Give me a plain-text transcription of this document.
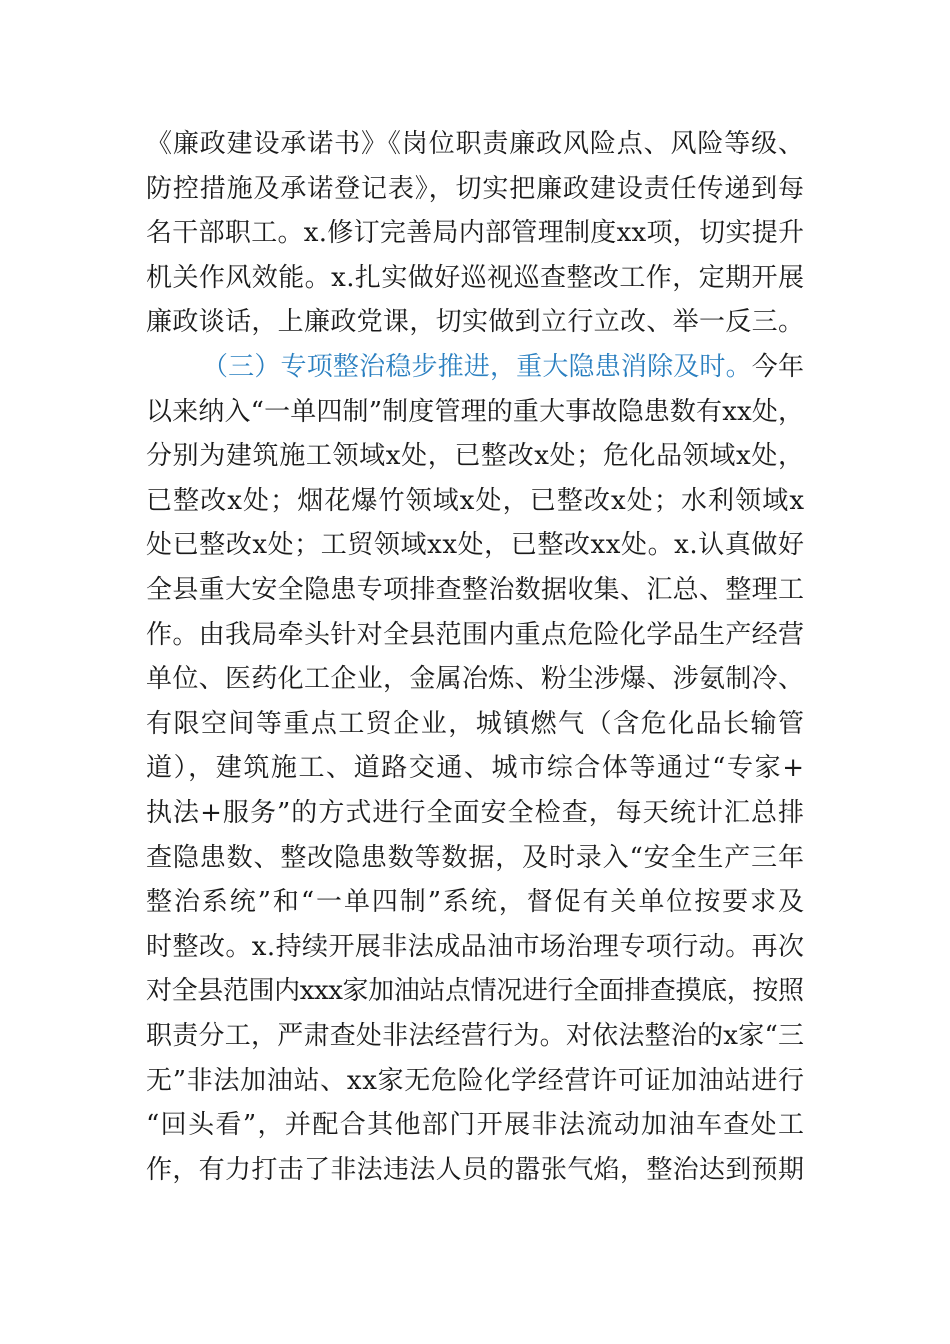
《廉政建设承诺书》《岗位职责廉政风险点、风险等级、
防控措施及承诺登记表》，切实把廉政建设责任传递到每
名干部职工。x.修订完善局内部管理制度xx项，切实提升
机关作风效能。x.扎实做好巡视巡查整改工作，定期开展
廉政谈话，上廉政党课，切实做到立行立改、举一反三。
（三）专项整治稳步推进，重大隐患消除及时。今年
以来纳入“一单四制”制度管理的重大事故隐患数有xx处，
分别为建筑施工领域x处，已整改x处；危化品领域x处，
已整改x处；烟花爆竹领域x处，已整改x处；水利领域x
处已整改x处；工贸领域xx处，已整改xx处。x.认真做好
全县重大安全隐患专项排查整治数据收集、汇总、整理工
作。由我局牵头针对全县范围内重点危险化学品生产经营
单位、医药化工企业，金属冶炼、粉尘涉爆、涉氨制冷、
有限空间等重点工贸企业，城镇燃气（含危化品长输管
道），建筑施工、道路交通、城市综合体等通过“专家+
执法+服务”的方式进行全面安全检查，每天统计汇总排
查隐患数、整改隐患数等数据，及时录入“安全生产三年
整治系统”和“一单四制”系统，督促有关单位按要求及
时整改。x.持续开展非法成品油市场治理专项行动。再次
对全县范围内xxx家加油站点情况进行全面排查摸底，按照
职责分工，严肃查处非法经营行为。对依法整治的x家“三
无”非法加油站、xx家无危险化学经营许可证加油站进行
“回头看”，并配合其他部门开展非法流动加油车查处工
作，有力打击了非法违法人员的嚣张气焰，整治达到预期
